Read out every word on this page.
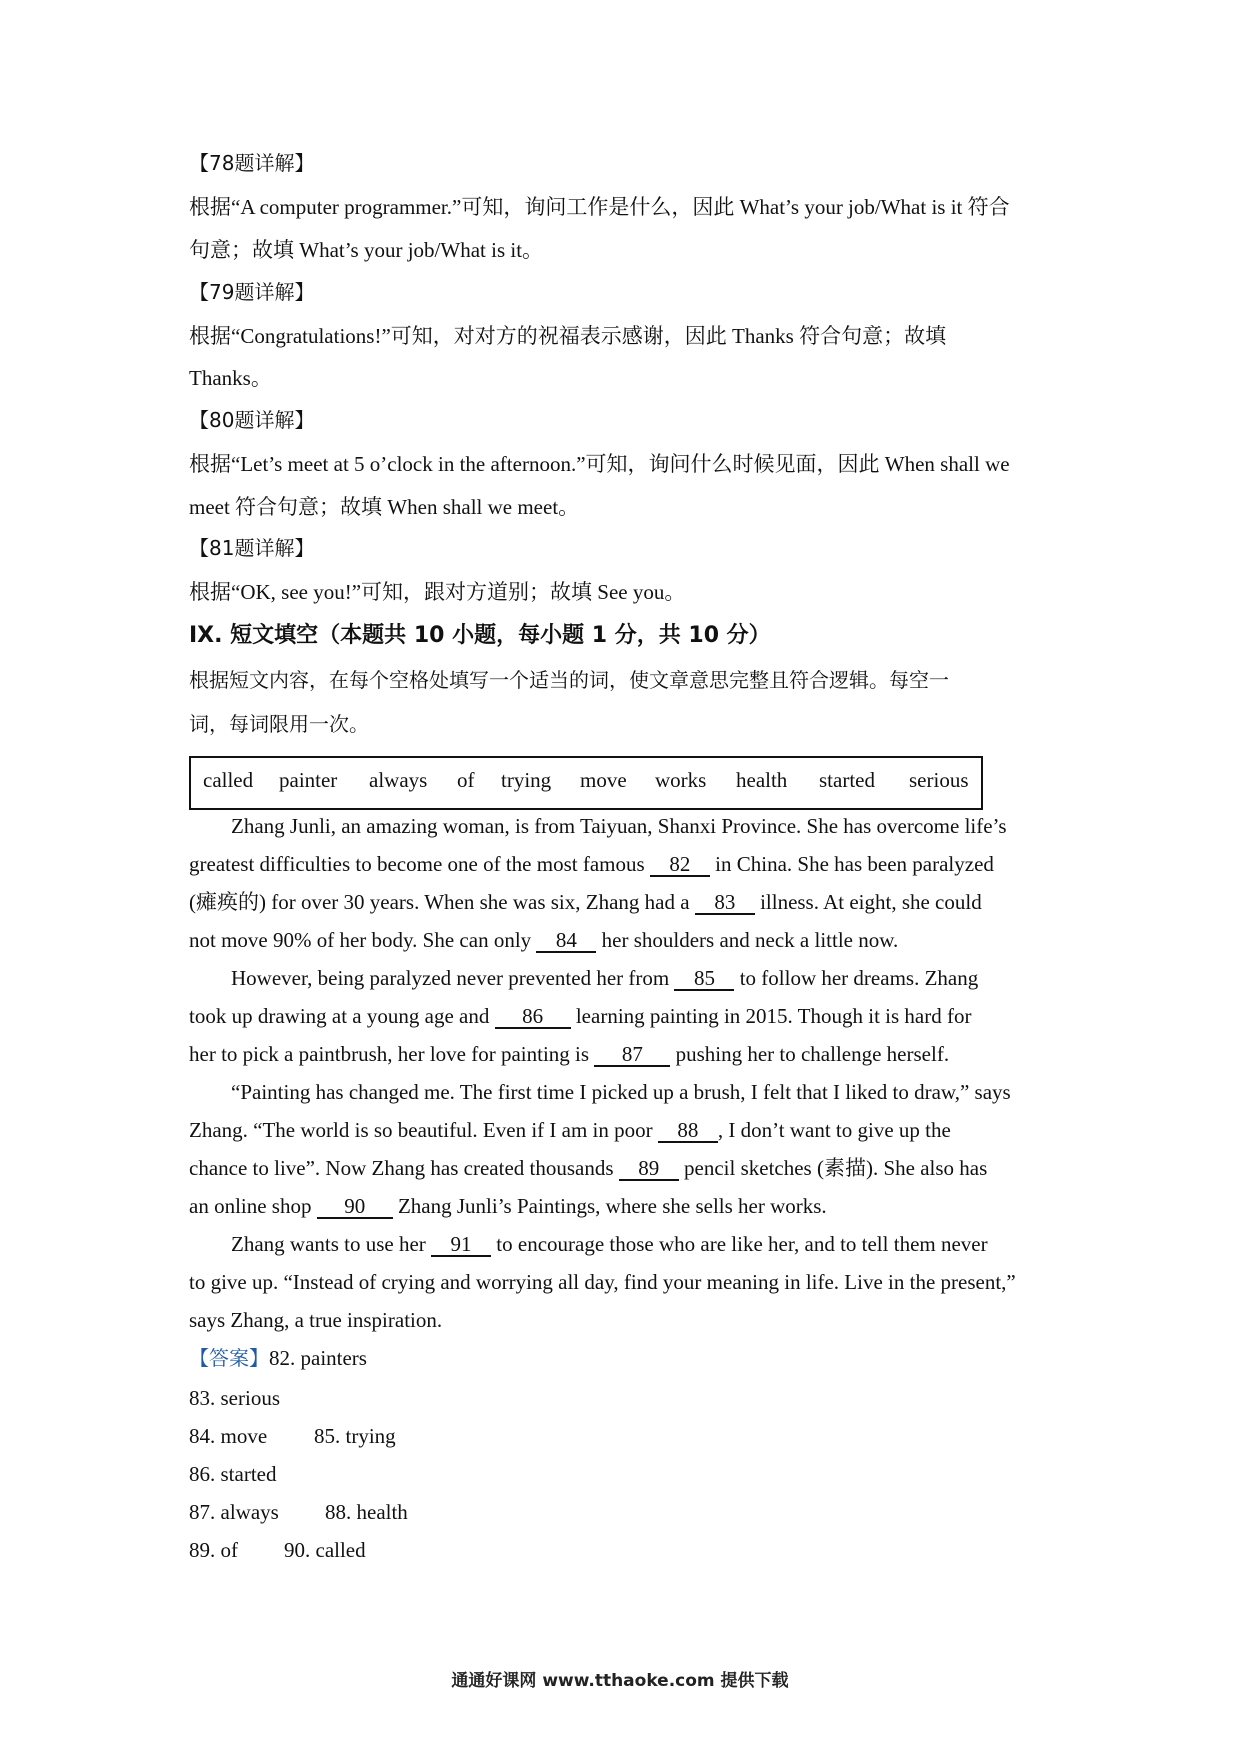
【78题详解】
根据“A computer programmer.”可知，询问工作是什么，因此 What’s your job/What is it 符合
句意；故填 What’s your job/What is it。
【79题详解】
根据“Congratulations!”可知，对对方的祝福表示感谢，因此 Thanks 符合句意；故填
Thanks。
【80题详解】
根据“Let’s meet at 5 o’clock in the afternoon.”可知，询问什么时候见面，因此 When shall we
meet 符合句意；故填 When shall we meet。
【81题详解】
根据“OK, see you!”可知，跟对方道别；故填 See you。
IX. 短文填空（本题共 10 小题，每小题 1 分，共 10 分）
根据短文内容，在每个空格处填写一个适当的词，使文章意思完整且符合逻辑。每空一
词，每词限用一次。
called painter always of trying move works health started serious
Zhang Junli, an amazing woman, is from Taiyuan, Shanxi Province. She has overcome life’s
greatest difficulties to become one of the most famous 82 in China. She has been paralyzed
(瘫痪的) for over 30 years. When she was six, Zhang had a 83 illness. At eight, she could
not move 90% of her body. She can only 84 her shoulders and neck a little now.
However, being paralyzed never prevented her from 85 to follow her dreams. Zhang
took up drawing at a young age and 86 learning painting in 2015. Though it is hard for
her to pick a paintbrush, her love for painting is 87 pushing her to challenge herself.
“Painting has changed me. The first time I picked up a brush, I felt that I liked to draw,” says
Zhang. “The world is so beautiful. Even if I am in poor 88 , I don’t want to give up the
chance to live”. Now Zhang has created thousands 89 pencil sketches (素描). She also has
an online shop 90 Zhang Junli’s Paintings, where she sells her works.
Zhang wants to use her 91 to encourage those who are like her, and to tell them never
to give up. “Instead of crying and worrying all day, find your meaning in life. Live in the present,”
says Zhang, a true inspiration.
【答案】82. painters
83. serious
84. move 85. trying
86. started
87. always 88. health
89. of 90. called
通通好课网 www.tthaoke.com 提供下载
